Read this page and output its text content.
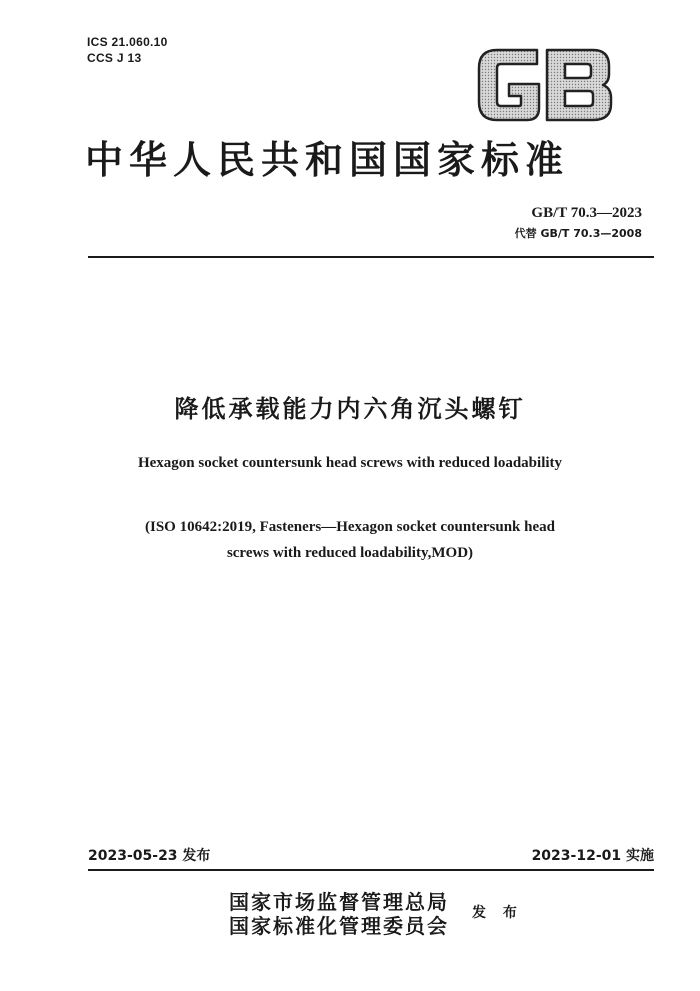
ICS 21.060.10
CCS J 13
中华人民共和国国家标准
GB/T 70.3—2023
代替 GB/T 70.3—2008
降低承载能力内六角沉头螺钉
Hexagon socket countersunk head screws with reduced loadability
(ISO 10642:2019, Fasteners—Hexagon socket countersunk head
screws with reduced loadability,MOD)
2023-05-23 发布	2023-12-01 实施
国家市场监督管理总局
国家标准化管理委员会
发 布
